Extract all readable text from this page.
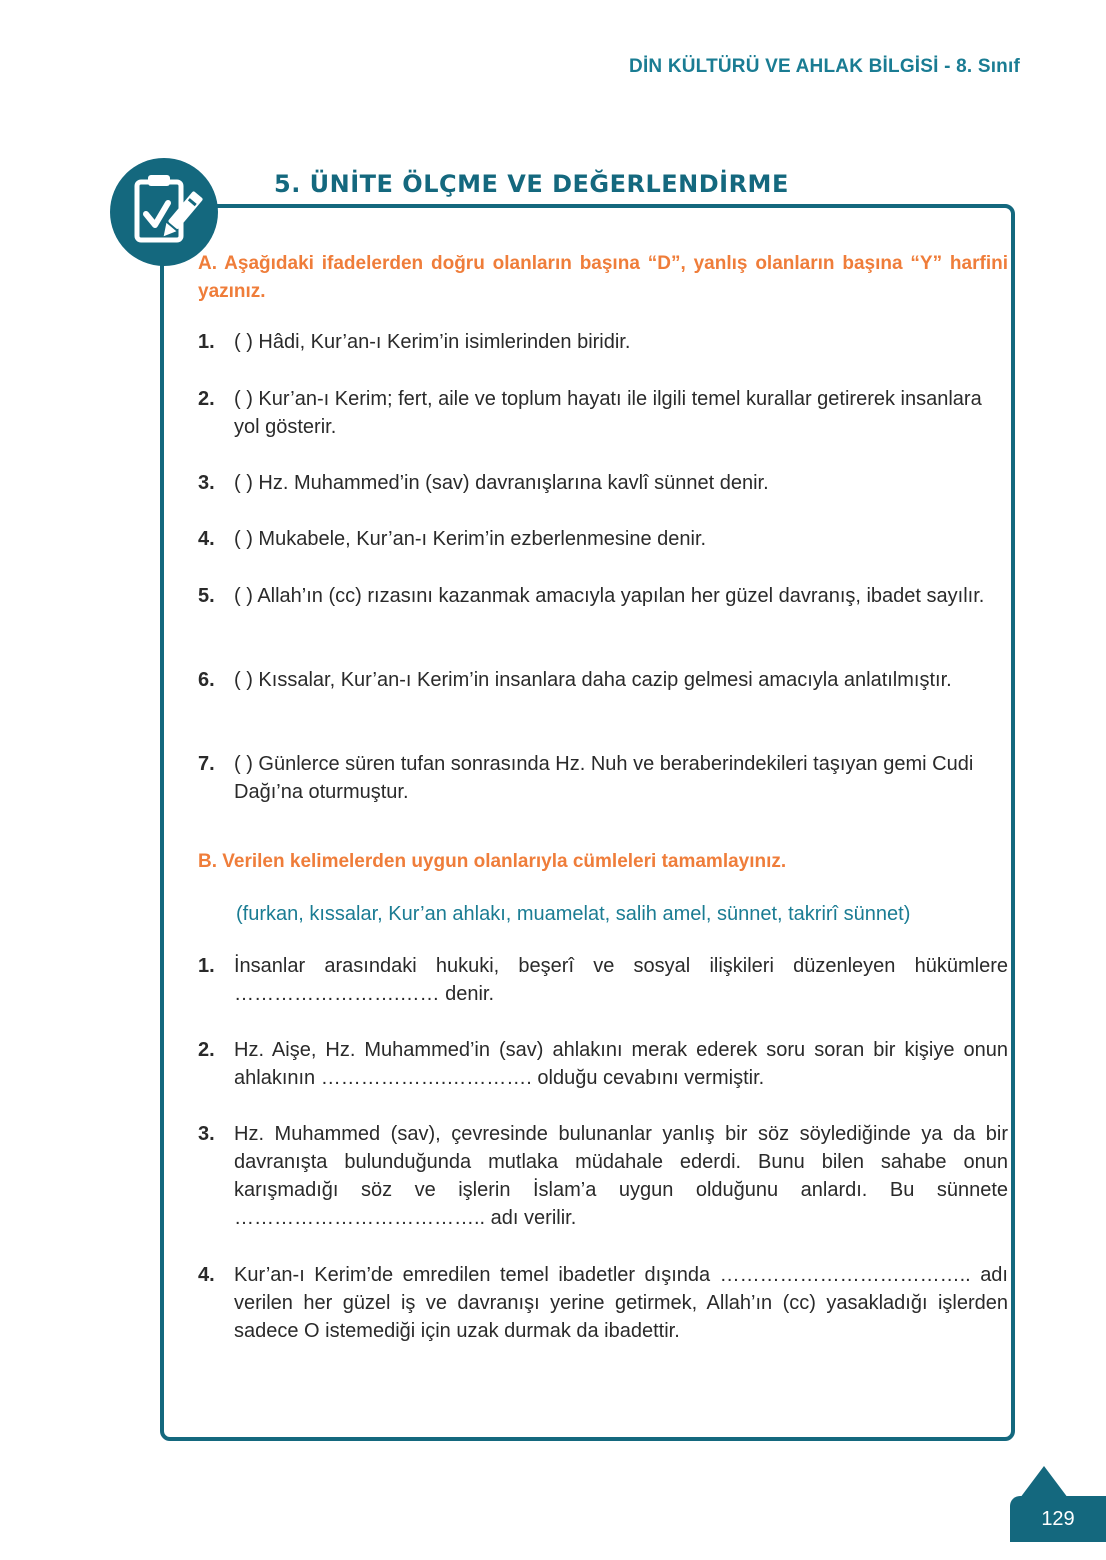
DİN KÜLTÜRÜ VE AHLAK BİLGİSİ - 8. Sınıf
5. ÜNİTE ÖLÇME VE DEĞERLENDİRME
A. Aşağıdaki ifadelerden doğru olanların başına “D”, yanlış olanların başına “Y” harfini yazınız.
1. ( ) Hâdi, Kur’an-ı Kerim’in isimlerinden biridir.
2. ( ) Kur’an-ı Kerim; fert, aile ve toplum hayatı ile ilgili temel kurallar getirerek insanlara yol gösterir.
3. ( ) Hz. Muhammed’in (sav) davranışlarına kavlî sünnet denir.
4. ( ) Mukabele, Kur’an-ı Kerim’in ezberlenmesine denir.
5. ( ) Allah’ın (cc) rızasını kazanmak amacıyla yapılan her güzel davranış, ibadet sayılır.
6. ( ) Kıssalar, Kur’an-ı Kerim’in insanlara daha cazip gelmesi amacıyla anlatılmıştır.
7. ( ) Günlerce süren tufan sonrasında Hz. Nuh ve beraberindekileri taşıyan gemi Cudi Dağı’na oturmuştur.
B. Verilen kelimelerden uygun olanlarıyla cümleleri tamamlayınız.
(furkan, kıssalar, Kur’an ahlakı, muamelat, salih amel, sünnet, takrirî sünnet)
1. İnsanlar arasındaki hukuki, beşerî ve sosyal ilişkileri düzenleyen hükümlere …………………….…… denir.
2. Hz. Aişe, Hz. Muhammed’in (sav) ahlakını merak ederek soru soran bir kişiye onun ahlakının ……………….…………. olduğu cevabını vermiştir.
3. Hz. Muhammed (sav), çevresinde bulunanlar yanlış bir söz söylediğinde ya da bir davranışta bulunduğunda mutlaka müdahale ederdi. Bunu bilen sahabe onun karışmadığı söz ve işlerin İslam’a uygun olduğunu anlardı. Bu sünnete ……………………………….. adı verilir.
4. Kur’an-ı Kerim’de emredilen temel ibadetler dışında ……………………………….. adı verilen her güzel iş ve davranışı yerine getirmek, Allah’ın (cc) yasakladığı işlerden sadece O istemediği için uzak durmak da ibadettir.
129
